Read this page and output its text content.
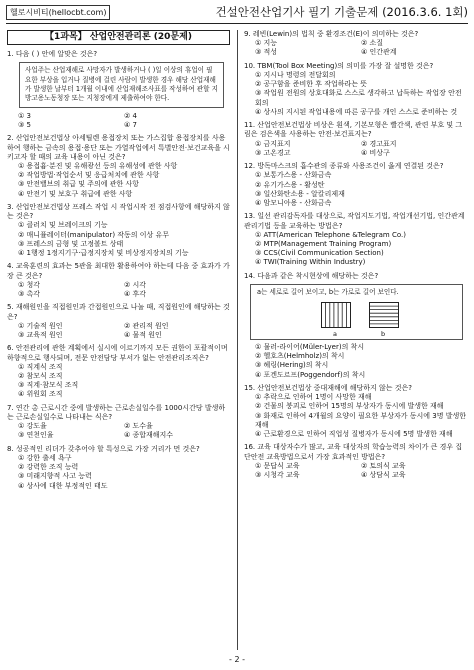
헬로시비티(hellocbt.com)	건설안전산업기사 필기 기출문제 (2016.3.6. 1회)
【1과목】 산업안전관리론 (20문제)
1. 다음 ( ) 안에 알맞은 것은?
사업주는 산업재해로 사망자가 발생하거나 ( )일 이상의 휴업이 필요한 부상을 입거나 질병에 걸린 사람이 발생한 경우 해당 산업재해가 발생한 날부터 1개월 이내에 산업재해조사표를 작성하여 관할 지방고용노동청장 또는 지청장에게 제출하여야 한다.
① 3	② 4
③ 5	④ 7
2. 산업안전보건법상 아세틸렌 용접장치 또는 가스집합 용접장치를 사용하여 행하는 금속의 용접·용단 또는 가열작업에서 특별안전·보건교육을 시키고자 할 때의 교육 내용이 아닌 것은?
① 용접흄·분진 및 유해광선 등의 유해성에 관한 사항
② 작업방법·작업순서 및 응급처치에 관한 사항
③ 안전밸브의 취급 및 주의에 관한 사항
④ 안전기 및 보호구 취급에 관한 사항
3. 산업안전보건법상 프레스 작업 시 작업시작 전 점검사항에 해당하지 않는 것은?
① 클러치 및 브레이크의 기능
② 매니퓰레이터(manipulator) 작동의 이상 유무
③ 프레스의 금형 및 고정볼트 상태
④ 1행정 1정지기구·급정지장치 및 비상정지장치의 기능
4. 교육훈련의 효과는 5관을 최대한 활용하여야 하는데 다음 중 효과가 가장 큰 것은?
① 청각	② 시각
③ 촉각	④ 후각
5. 재해원인을 직접원인과 간접원인으로 나눌 때, 직접원인에 해당하는 것은?
① 기술적 원인	② 관리적 원인
③ 교육적 원인	④ 물적 원인
6. 안전관리에 관한 계획에서 실시에 이르기까지 모든 권한이 포괄적이며 하향적으로 행사되며, 전문 안전담당 부서가 없는 안전관리조직은?
① 직계식 조직
② 참모식 조직
③ 직계·참모식 조직
④ 위원회 조직
7. 연간 총 근로시간 중에 발생하는 근로손실일수를 1000시간당 발생하는 근로손실일수로 나타내는 식은?
① 강도율	② 도수율
③ 연천인율	④ 종합재해지수
8. 성공적인 리더가 갖추어야 할 특성으로 가장 거리가 먼 것은?
① 강한 출세 욕구
② 강력한 조직 능력
③ 미래지향적 사고 능력
④ 상사에 대한 부정적인 태도
9. 레빈(Lewin)의 법칙 중 환경조건(E)이 의미하는 것은?
① 지능	② 소질
③ 적성	④ 인간관계
10. TBM(Tool Box Meeting)의 의미를 가장 잘 설명한 것은?
① 지시나 명령의 전달회의
② 공구함을 준비한 후 작업하라는 뜻
③ 작업원 전원의 상호대화로 스스로 생각하고 납득하는 작업장 안전회의
④ 상사의 지시된 작업내용에 따른 공구를 개인 스스로 준비하는 것
11. 산업안전보건법상 비상은 흰색, 기본모형은 빨간색, 관련 부호 및 그림은 검은색을 사용하는 안전·보건표지는?
① 금지표지	② 경고표지
③ 고온경고	④ 비상구
12. 방독마스크의 흡수관의 종류와 사용조건이 옳게 연결된 것은?
① 보통가스용 - 산화금속
② 유기가스용 - 활성탄
③ 일산화탄소용 - 알칼리제재
④ 암모니아용 - 산화금속
13. 일선 관리감독자를 대상으로, 작업지도기법, 작업개선기법, 인간관계 관리기법 등을 교육하는 방법은?
① ATT(American Telephone &Telegram Co.)
② MTP(Management Training Program)
③ CCS(Civil Communication Section)
④ TWI(Training Within Industry)
14. 다음과 같은 착시현상에 해당하는 것은?
a는 세로로 길어 보이고, b는 가로로 길어 보인다.
a	b
① 뮬러-라이어(Müler-Lyer)의 착시
② 헬호츠(Helmholz)의 착시
③ 헤링(Hering)의 착시
④ 포겐도르프(Poggendorf)의 착시
15. 산업안전보건법상 중대재해에 해당하지 않는 것은?
① 추락으로 인하여 1명이 사망한 재해
② 건물의 붕괴로 인하여 15명의 부상자가 동시에 발생한 재해
③ 화재로 인하여 4개월의 요양이 필요한 부상자가 동시에 3명 발생한 재해
④ 근로환경으로 인하여 직업성 질병자가 동시에 5명 발생한 재해
16. 교육 대상자수가 많고, 교육 대상자의 학습능력의 차이가 큰 경우 집단안전 교육방법으로서 가장 효과적인 방법은?
① 문답식 교육	② 토의식 교육
③ 시청각 교육	④ 상담식 교육
- 2 -
